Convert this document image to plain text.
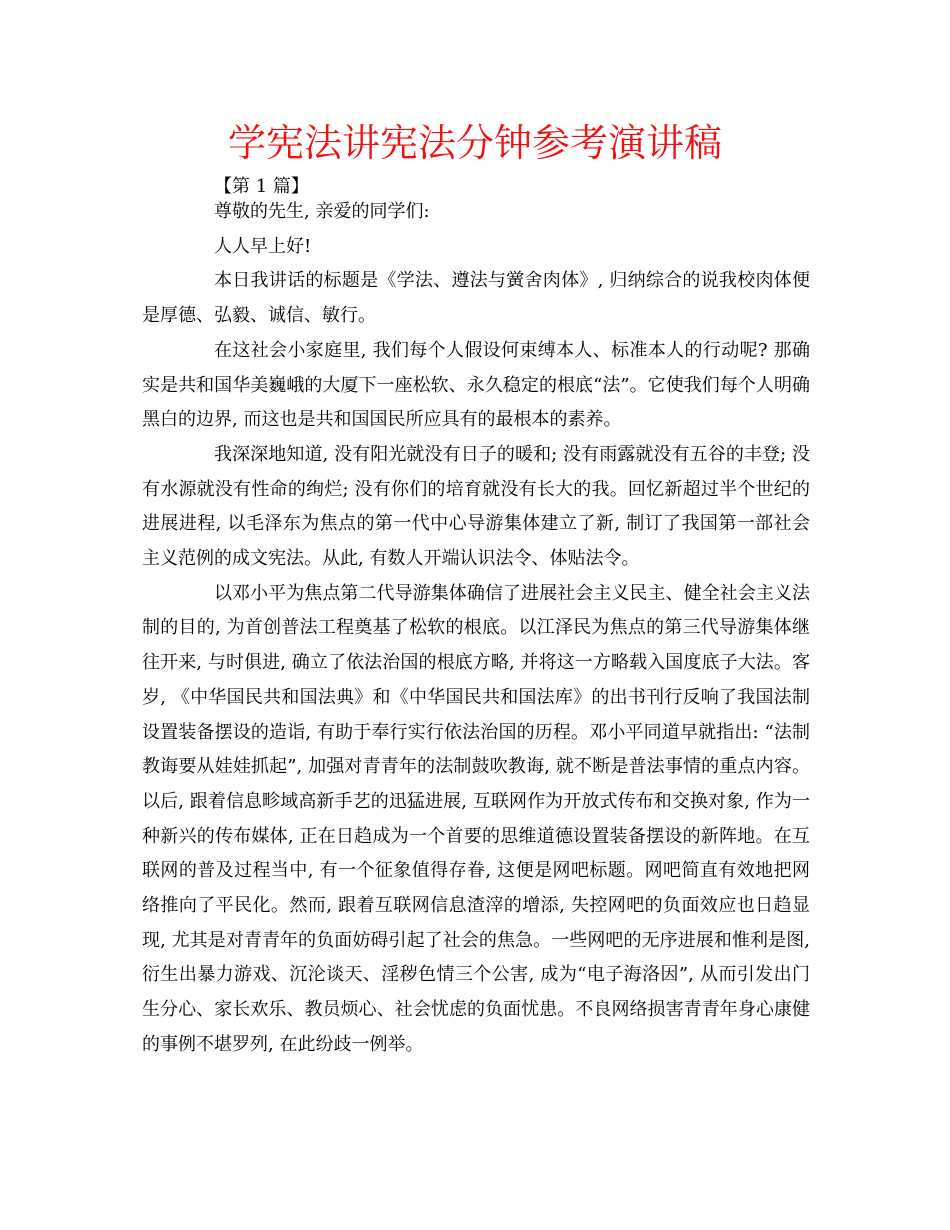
学宪法讲宪法分钟参考演讲稿
【第 1 篇】

尊敬的先生, 亲爱的同学们:

人人早上好!

本日我讲话的标题是《学法、遵法与黉舍肉体》, 归纳综合的说我校肉体便是厚德、弘毅、诚信、敏行。

在这社会小家庭里, 我们每个人假设何束缚本人、标准本人的行动呢? 那确实是共和国华美巍峨的大厦下一座松软、永久稳定的根底“法”。它使我们每个人明确黑白的边界, 而这也是共和国国民所应具有的最根本的素养。

我深深地知道, 没有阳光就没有日子的暖和; 没有雨露就没有五谷的丰登; 没有水源就没有性命的绚烂; 没有你们的培育就没有长大的我。回忆新超过半个世纪的进展进程, 以毛泽东为焦点的第一代中心导游集体建立了新, 制订了我国第一部社会主义范例的成文宪法。从此, 有数人开端认识法令、体贴法令。

以邓小平为焦点第二代导游集体确信了进展社会主义民主、健全社会主义法制的目的, 为首创普法工程奠基了松软的根底。以江泽民为焦点的第三代导游集体继往开来, 与时俱进, 确立了依法治国的根底方略, 并将这一方略载入国度底子大法。客岁, 《中华国民共和国法典》和《中华国民共和国法库》的出书刊行反响了我国法制设置装备摆设的造诣, 有助于奉行实行依法治国的历程。邓小平同道早就指出: “法制教诲要从娃娃抓起”, 加强对青青年的法制鼓吹教诲, 就不断是普法事情的重点内容。以后, 跟着信息畛域高新手艺的迅猛进展, 互联网作为开放式传布和交换对象, 作为一种新兴的传布媒体, 正在日趋成为一个首要的思维道德设置装备摆设的新阵地。在互联网的普及过程当中, 有一个征象值得存眷, 这便是网吧标题。网吧简直有效地把网络推向了平民化。然而, 跟着互联网信息渣滓的增添, 失控网吧的负面效应也日趋显现, 尤其是对青青年的负面妨碍引起了社会的焦急。一些网吧的无序进展和惟利是图, 衍生出暴力游戏、沉沦谈天、淫秽色情三个公害, 成为“电子海洛因”, 从而引发出门生分心、家长欢乐、教员烦心、社会忧虑的负面忧患。不良网络损害青青年身心康健的事例不堪罗列, 在此纷歧一例举。
